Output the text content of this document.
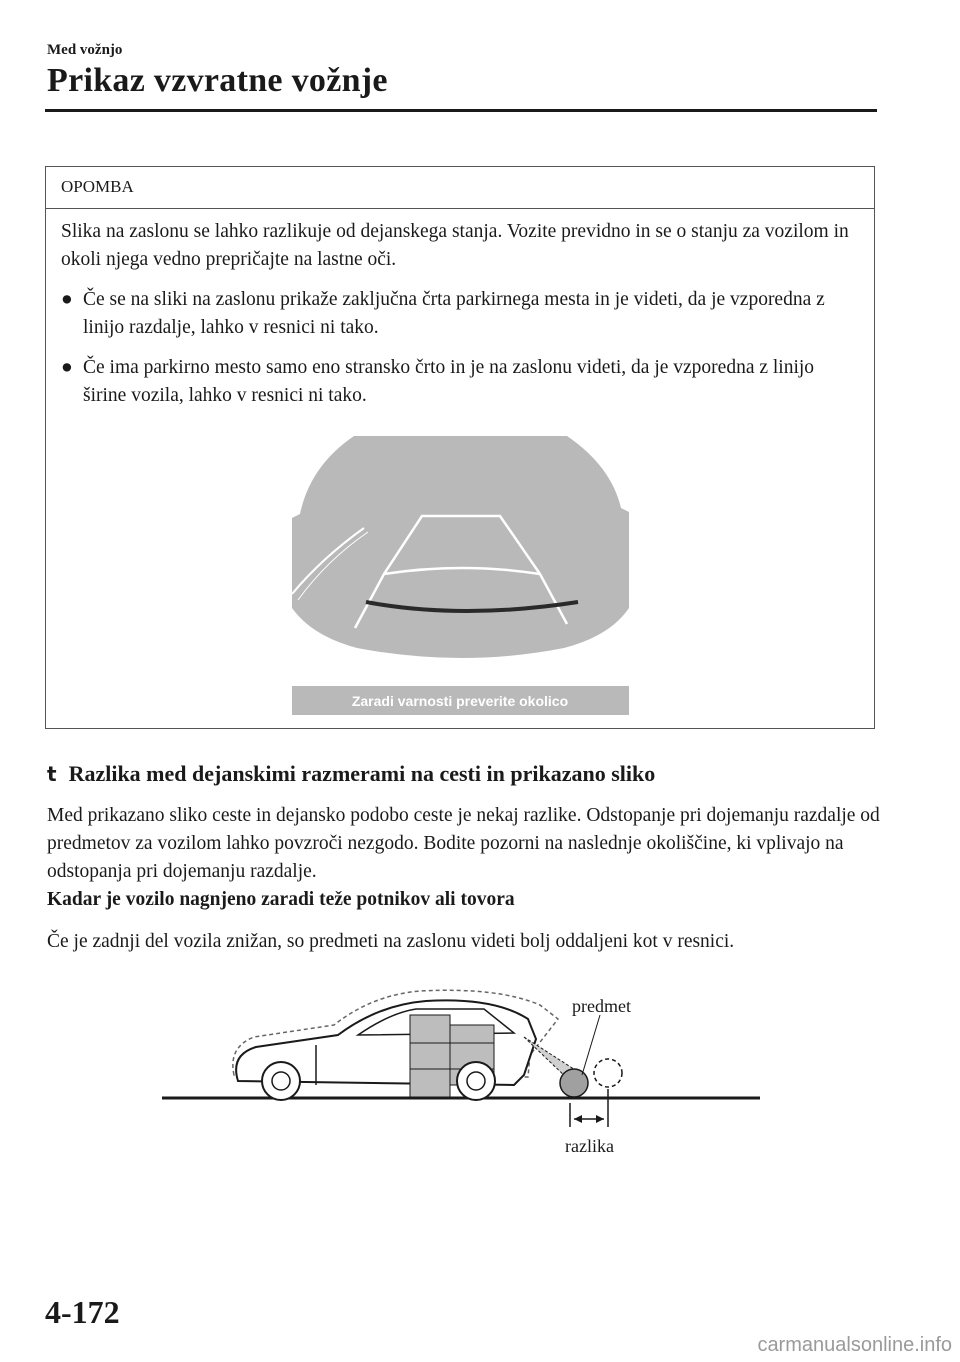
Med vožnjo
Prikaz vzvratne vožnje
OPOMBA

Slika na zaslonu se lahko razlikuje od dejanskega stanja. Vozite previdno in se o stanju za vozilom in okoli njega vedno prepričajte na lastne oči.

● Če se na sliki na zaslonu prikaže zaključna črta parkirnega mesta in je videti, da je vzporedna z linijo razdalje, lahko v resnici ni tako.
● Če ima parkirno mesto samo eno stransko črto in je na zaslonu videti, da je vzporedna z linijo širine vozila, lahko v resnici ni tako.
Zaradi varnosti preverite okolico
t Razlika med dejanskimi razmerami na cesti in prikazano sliko
Med prikazano sliko ceste in dejansko podobo ceste je nekaj razlike. Odstopanje pri dojemanju razdalje od predmetov za vozilom lahko povzroči nezgodo. Bodite pozorni na naslednje okoliščine, ki vplivajo na odstopanja pri dojemanju razdalje.
Kadar je vozilo nagnjeno zaradi teže potnikov ali tovora
Če je zadnji del vozila znižan, so predmeti na zaslonu videti bolj oddaljeni kot v resnici.
predmet
razlika
4-172
carmanualsonline.info
